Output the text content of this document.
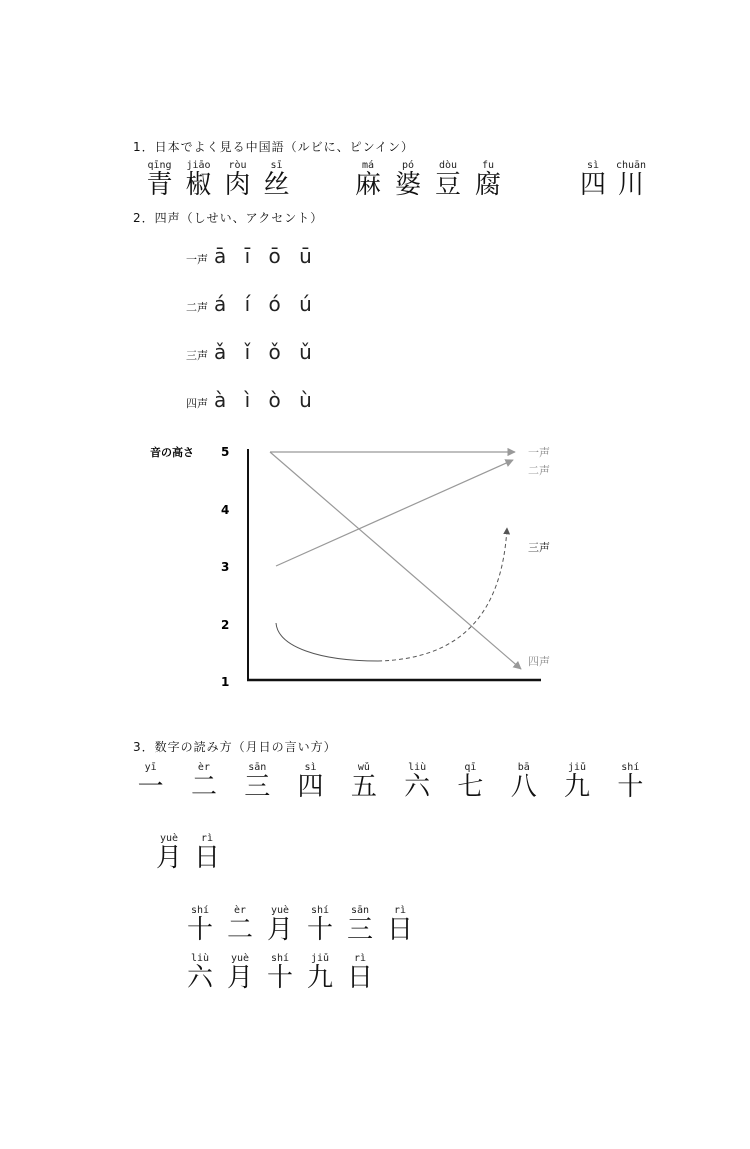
1．日本でよく見る中国語（ルビに、ピンイン）
qīng
青
jiāo
椒
ròu
肉
sī
丝
má
麻
pó
婆
dòu
豆
fu
腐
sì
四
chuān
川
2．四声（しせい、アクセント）
一声 ā ī ō ū
二声 á í ó ú
三声 ǎ ǐ ǒ ǔ
四声 à ì ò ù
音の高さ 5
4
3
2
1
一声
二声
三声
四声
3．数字の読み方（月日の言い方）
yī
一
èr
二
sān
三
sì
四
wǔ
五
liù
六
qī
七
bā
八
jiǔ
九
shí
十
yuè
月
rì
日
shí
十
èr
二
yuè
月
shí
十
sān
三
rì
日
liù
六
yuè
月
shí
十
jiǔ
九
rì
日
